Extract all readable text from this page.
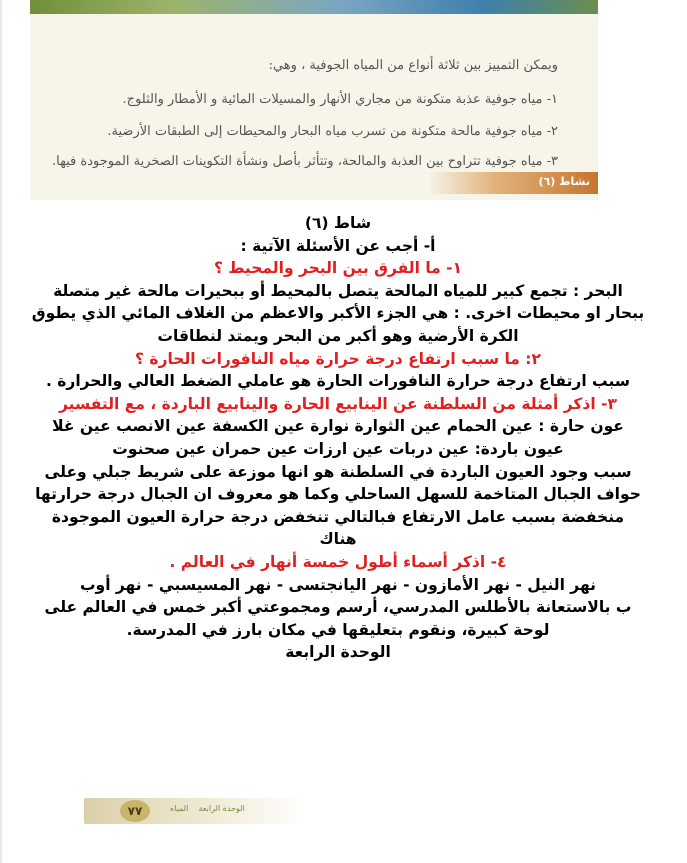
ويمكن التمييز بين ثلاثة أنواع من المياه الجوفية ، وهي:
١- مياه جوفية عذبة متكونة من مجاري الأنهار والمسيلات المائية و الأمطار والثلوج.
٢- مياه جوفية مالحة متكونة من تسرب مياه البحار والمحيطات إلى الطبقات الأرضية.
٣- مياه جوفية تتراوح بين العذبة والمالحة، وتتأثر بأصل ونشأة التكوينات الصخرية الموجودة فيها.
نشاط (٦)
شاط (٦)
أ- أجب عن الأسئلة الآتية :
١- ما الفرق بين البحر والمحيط ؟
البحر : تجمع كبير للمياه المالحة يتصل بالمحيط أو ببحيرات مالحة غير متصلة
ببحار او محيطات اخرى. : هي الجزء الأكبر والاعظم من الغلاف المائي الذي يطوق
الكرة الأرضية وهو أكبر من البحر ويمتد لنطاقات
٢: ما سبب ارتفاع درجة حرارة مياه النافورات الحارة ؟
سبب ارتفاع درجة حرارة النافورات الحارة هو عاملي الضغط العالي والحرارة .
٣- اذكر أمثلة من السلطنة عن الينابيع الحارة والينابيع الباردة ، مع التفسير
عون حارة : عين الحمام عين الثوارة نوارة عين الكسفة عين الانصب عين غلا
عيون باردة: عين دربات عين ارزات عين حمران عين صحنوت
سبب وجود العيون الباردة في السلطنة هو انها موزعة على شريط جبلي وعلى
حواف الجبال المتاخمة للسهل الساحلي وكما هو معروف ان الجبال درجة حرارتها
منخفضة بسبب عامل الارتفاع فبالتالي تنخفض درجة حرارة العيون الموجودة
هناك
٤- اذكر أسماء أطول خمسة أنهار في العالم .
نهر النيل - نهر الأمازون - نهر اليانجتسى - نهر المسيسبي - نهر أوب
ب بالاستعانة بالأطلس المدرسي، أرسم ومجموعتي أكبر خمس في العالم على
لوحة كبيرة، ونقوم بتعليقها في مكان بارز في المدرسة.
الوحدة الرابعة
٧٧	الوحدة الرابعة    المياه
